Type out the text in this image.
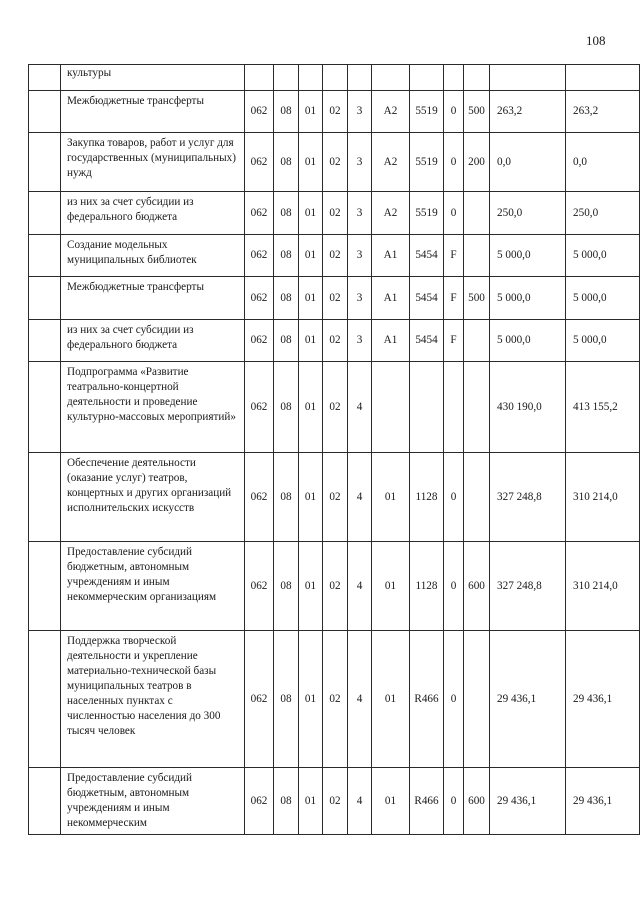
108
	культуры											
	Межбюджетные трансферты	062	08	01	02	3	А2	5519	0	500	263,2	263,2
	Закупка товаров, работ и услуг для государственных (муниципальных) нужд	062	08	01	02	3	А2	5519	0	200	0,0	0,0
	из них за счет субсидии из федерального бюджета	062	08	01	02	3	А2	5519	0		250,0	250,0
	Создание модельных муниципальных библиотек	062	08	01	02	3	А1	5454	F		5 000,0	5 000,0
	Межбюджетные трансферты	062	08	01	02	3	А1	5454	F	500	5 000,0	5 000,0
	из них за счет субсидии из федерального бюджета	062	08	01	02	3	А1	5454	F		5 000,0	5 000,0
	Подпрограмма «Развитие театрально-концертной деятельности и проведение культурно-массовых мероприятий»	062	08	01	02	4					430 190,0	413 155,2
	Обеспечение деятельности (оказание услуг) театров, концертных и других организаций исполнительских искусств	062	08	01	02	4	01	1128	0		327 248,8	310 214,0
	Предоставление субсидий бюджетным, автономным учреждениям и иным некоммерческим организациям	062	08	01	02	4	01	1128	0	600	327 248,8	310 214,0
	Поддержка творческой деятельности и укрепление материально-технической базы муниципальных театров в населенных пунктах с численностью населения до 300 тысяч человек	062	08	01	02	4	01	R466	0		29 436,1	29 436,1
	Предоставление субсидий бюджетным, автономным учреждениям и иным некоммерческим	062	08	01	02	4	01	R466	0	600	29 436,1	29 436,1
